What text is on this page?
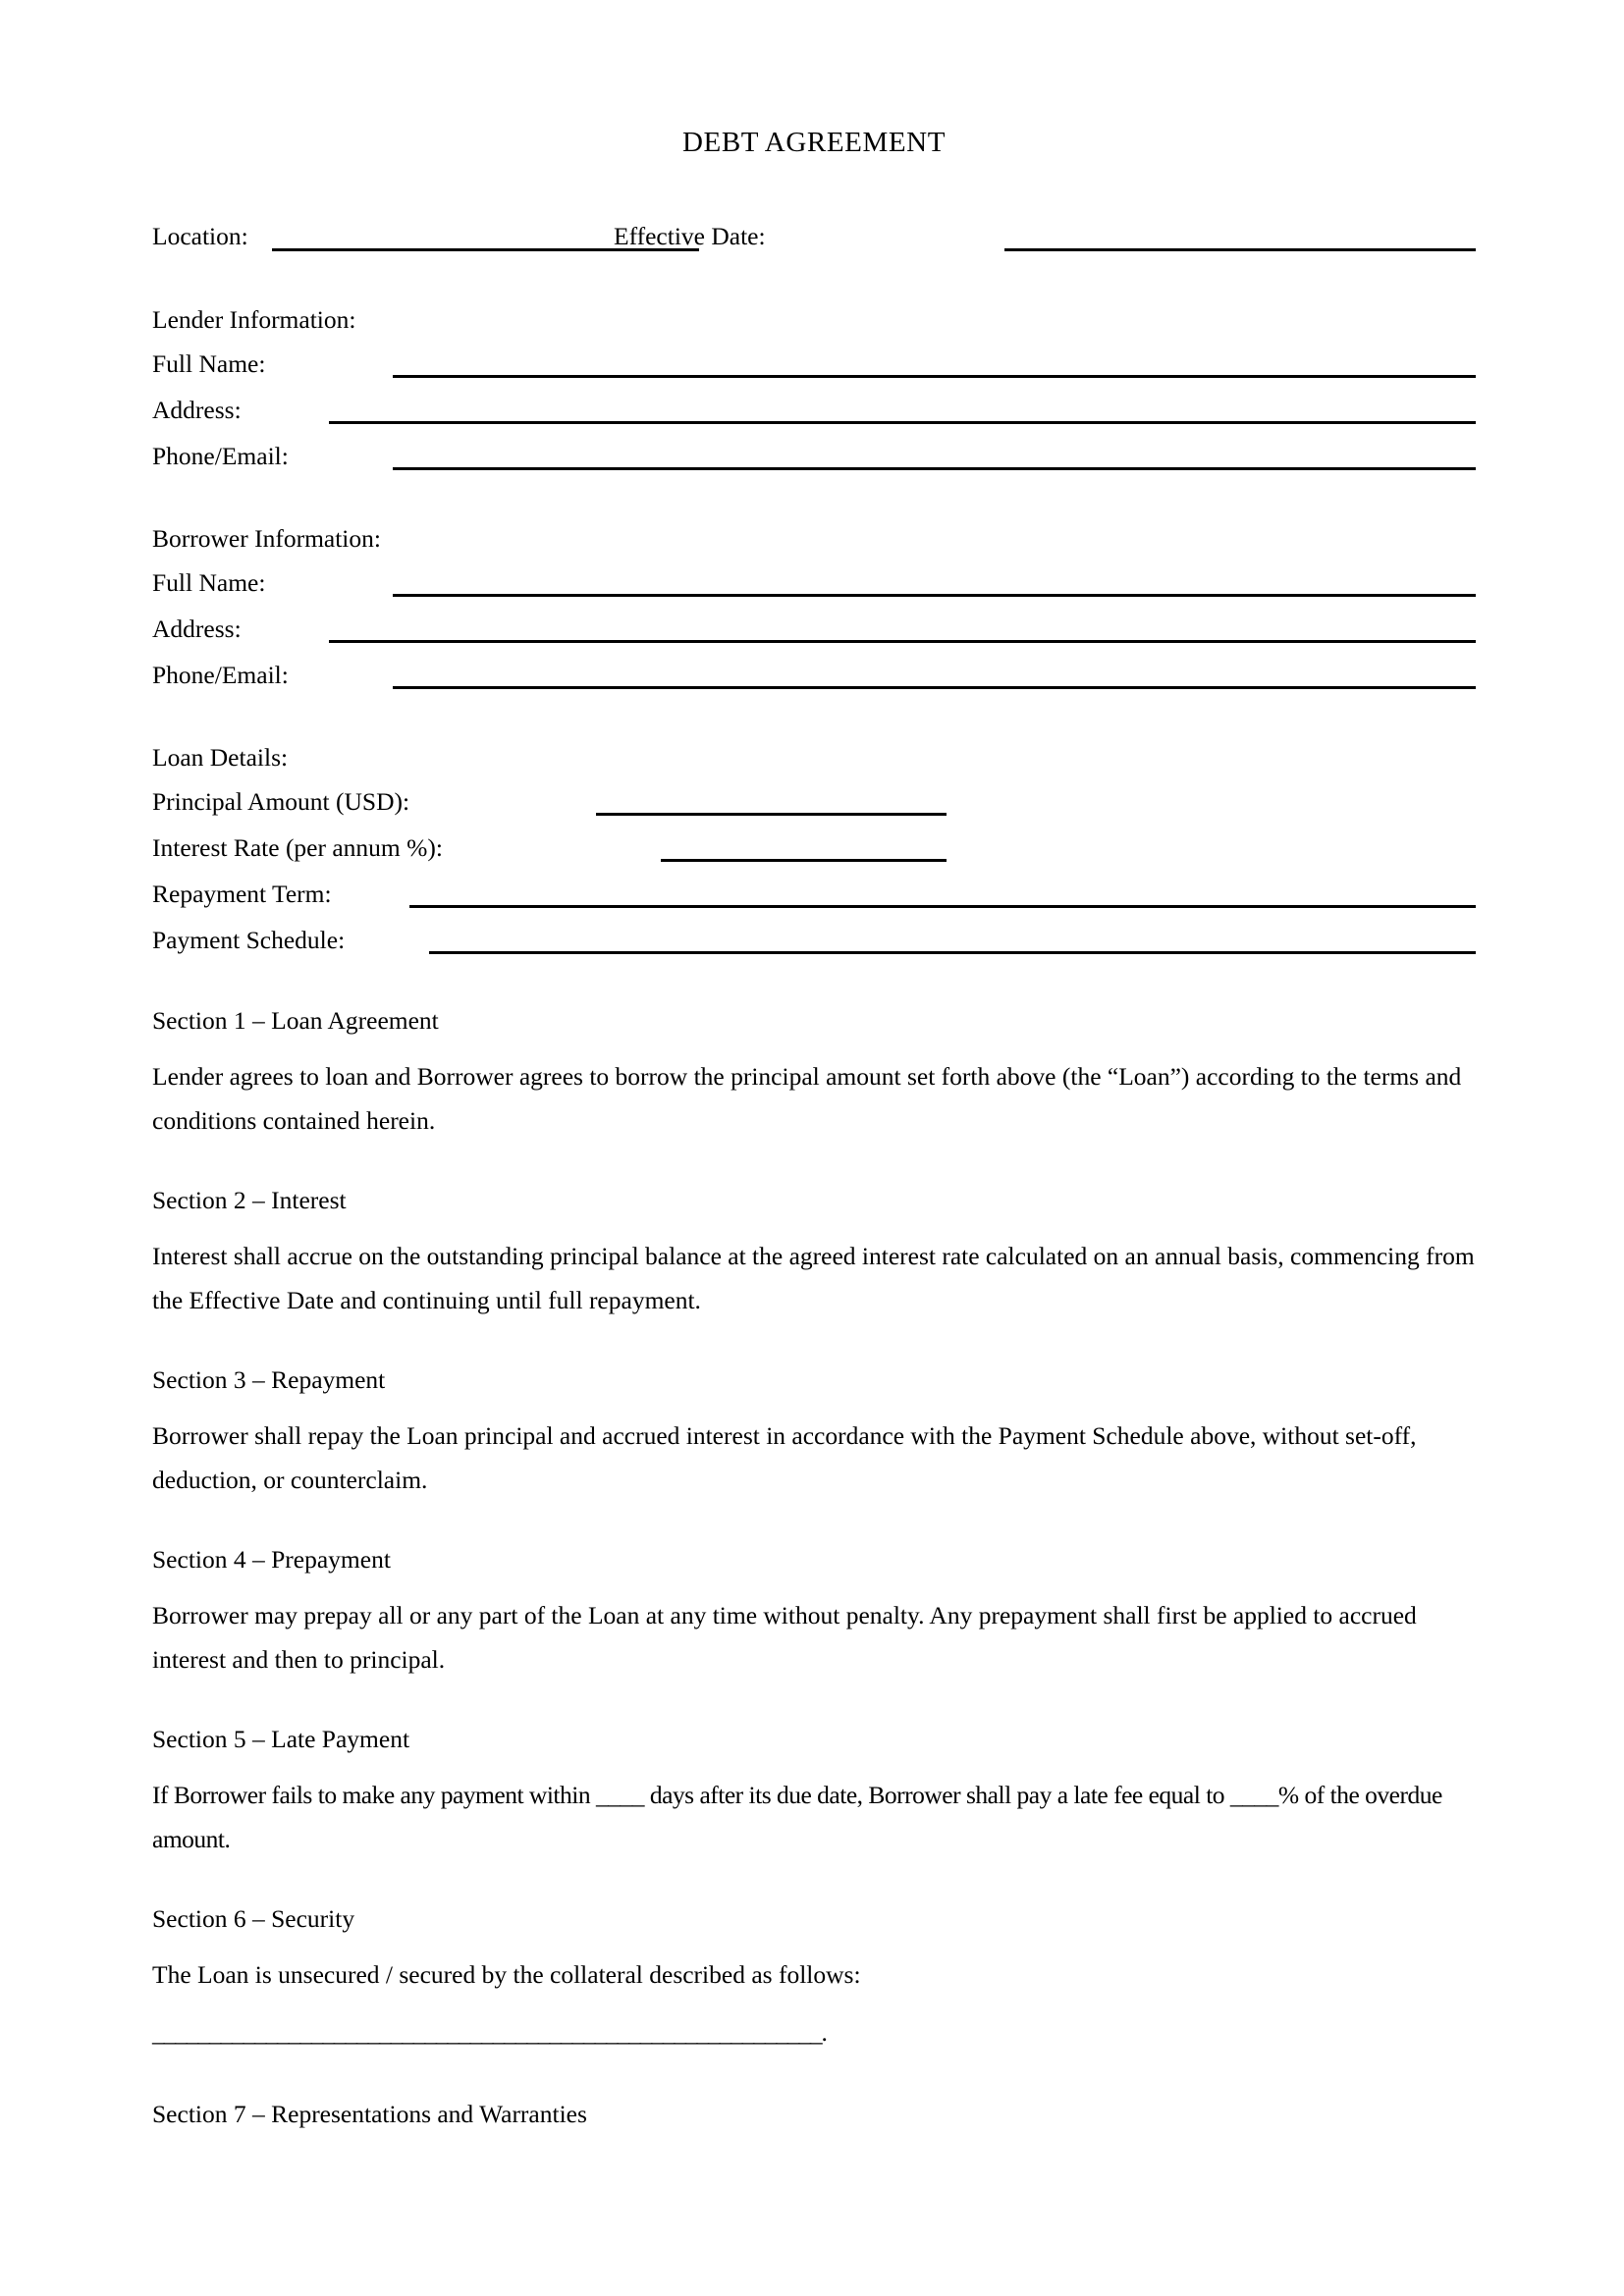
DEBT AGREEMENT
Location:	Effective Date:
Lender Information:
Full Name:
Address:
Phone/Email:
Borrower Information:
Full Name:
Address:
Phone/Email:
Loan Details:
Principal Amount (USD):
Interest Rate (per annum %):
Repayment Term:
Payment Schedule:
Section 1 – Loan Agreement

Lender agrees to loan and Borrower agrees to borrow the principal amount set forth above (the “Loan”) according to the terms and conditions contained herein.

Section 2 – Interest

Interest shall accrue on the outstanding principal balance at the agreed interest rate calculated on an annual basis, commencing from the Effective Date and continuing until full repayment.

Section 3 – Repayment

Borrower shall repay the Loan principal and accrued interest in accordance with the Payment Schedule above, without set-off, deduction, or counterclaim.

Section 4 – Prepayment

Borrower may prepay all or any part of the Loan at any time without penalty. Any prepayment shall first be applied to accrued interest and then to principal.

Section 5 – Late Payment

If Borrower fails to make any payment within ____ days after its due date, Borrower shall pay a late fee equal to ____% of the overdue amount.

Section 6 – Security

The Loan is unsecured / secured by the collateral described as follows:

___________________________________________________________.

Section 7 – Representations and Warranties
